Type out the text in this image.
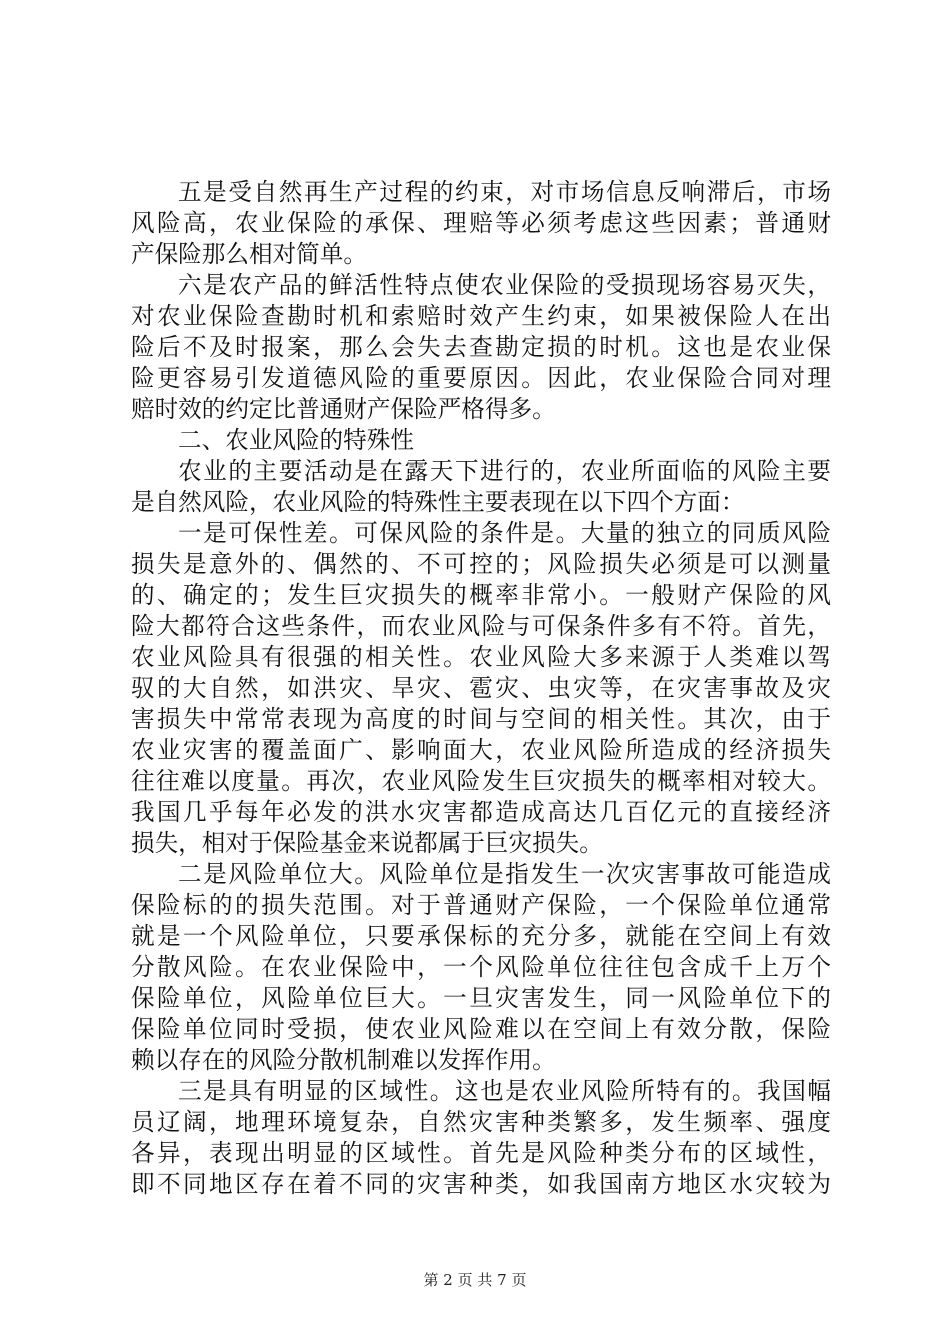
五是受自然再生产过程的约束，对市场信息反响滞后，市场
风险高，农业保险的承保、理赔等必须考虑这些因素；普通财
产保险那么相对简单。
六是农产品的鲜活性特点使农业保险的受损现场容易灭失，
对农业保险查勘时机和索赔时效产生约束，如果被保险人在出
险后不及时报案，那么会失去查勘定损的时机。这也是农业保
险更容易引发道德风险的重要原因。因此，农业保险合同对理
赔时效的约定比普通财产保险严格得多。
二、农业风险的特殊性
农业的主要活动是在露天下进行的，农业所面临的风险主要
是自然风险，农业风险的特殊性主要表现在以下四个方面：
一是可保性差。可保风险的条件是。大量的独立的同质风险
损失是意外的、偶然的、不可控的；风险损失必须是可以测量
的、确定的；发生巨灾损失的概率非常小。一般财产保险的风
险大都符合这些条件，而农业风险与可保条件多有不符。首先，
农业风险具有很强的相关性。农业风险大多来源于人类难以驾
驭的大自然，如洪灾、旱灾、雹灾、虫灾等，在灾害事故及灾
害损失中常常表现为高度的时间与空间的相关性。其次，由于
农业灾害的覆盖面广、影响面大，农业风险所造成的经济损失
往往难以度量。再次，农业风险发生巨灾损失的概率相对较大。
我国几乎每年必发的洪水灾害都造成高达几百亿元的直接经济
损失，相对于保险基金来说都属于巨灾损失。
二是风险单位大。风险单位是指发生一次灾害事故可能造成
保险标的的损失范围。对于普通财产保险，一个保险单位通常
就是一个风险单位，只要承保标的充分多，就能在空间上有效
分散风险。在农业保险中，一个风险单位往往包含成千上万个
保险单位，风险单位巨大。一旦灾害发生，同一风险单位下的
保险单位同时受损，使农业风险难以在空间上有效分散，保险
赖以存在的风险分散机制难以发挥作用。
三是具有明显的区域性。这也是农业风险所特有的。我国幅
员辽阔，地理环境复杂，自然灾害种类繁多，发生频率、强度
各异，表现出明显的区域性。首先是风险种类分布的区域性，
即不同地区存在着不同的灾害种类，如我国南方地区水灾较为
第 2 页 共 7 页
